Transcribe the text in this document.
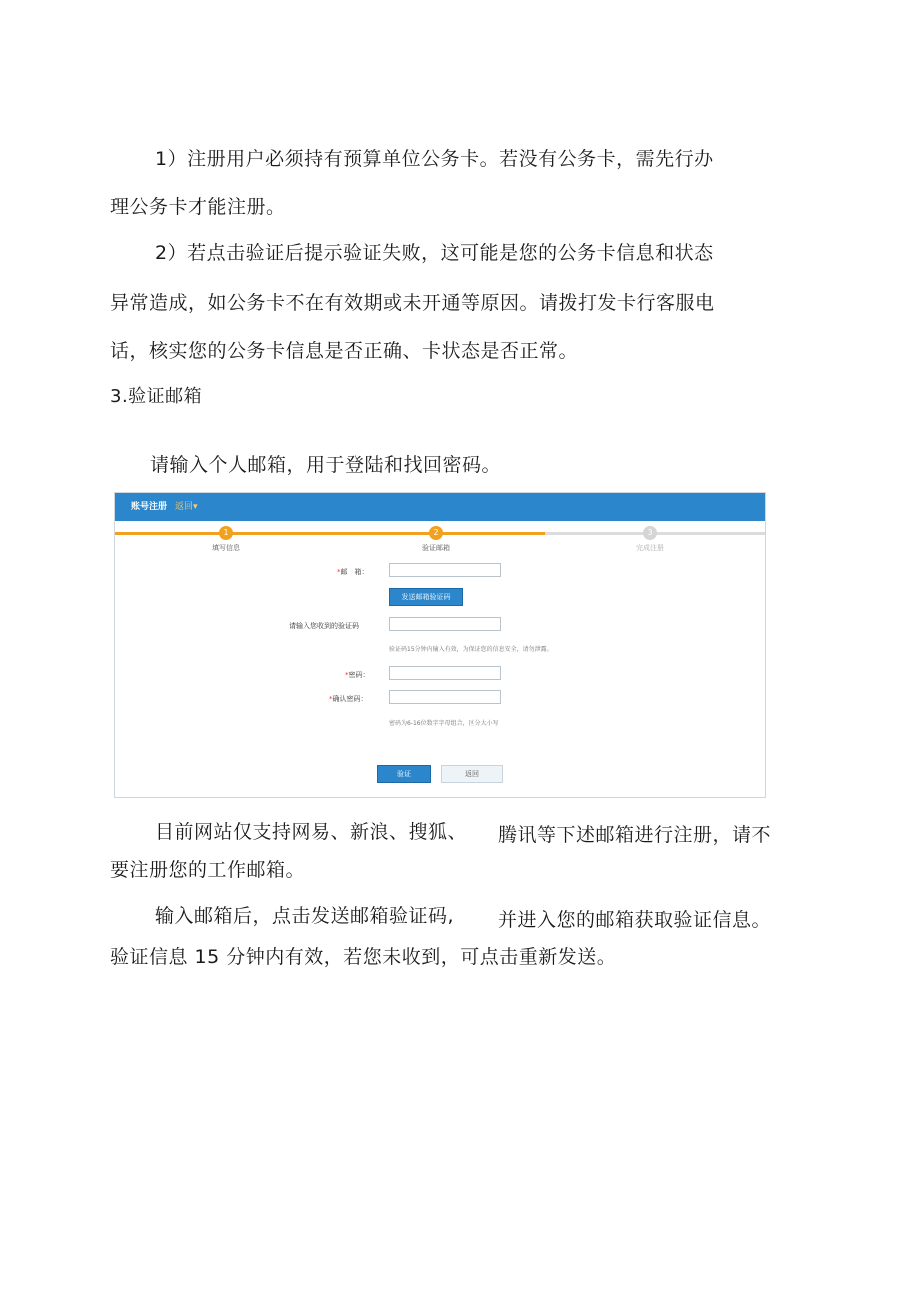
1）注册用户必须持有预算单位公务卡。若没有公务卡，需先行办
理公务卡才能注册。
2）若点击验证后提示验证失败，这可能是您的公务卡信息和状态
异常造成，如公务卡不在有效期或未开通等原因。请拨打发卡行客服电
话，核实您的公务卡信息是否正确、卡状态是否正常。
3.验证邮箱
请输入个人邮箱，用于登陆和找回密码。
账号注册 返回▾
1	2	3
填写信息	验证邮箱	完成注册
*邮　箱：
发送邮箱验证码
请输入您收到的验证码
验证码15分钟内输入有效，为保证您的信息安全，请勿泄露。
*密码：
*确认密码：
密码为6-16位数字字母组合，区分大小写
验证	返回
目前网站仅支持网易、新浪、搜狐、 腾讯等下述邮箱进行注册，请不
要注册您的工作邮箱。
输入邮箱后，点击发送邮箱验证码, 并进入您的邮箱获取验证信息。
验证信息 15 分钟内有效，若您未收到，可点击重新发送。
